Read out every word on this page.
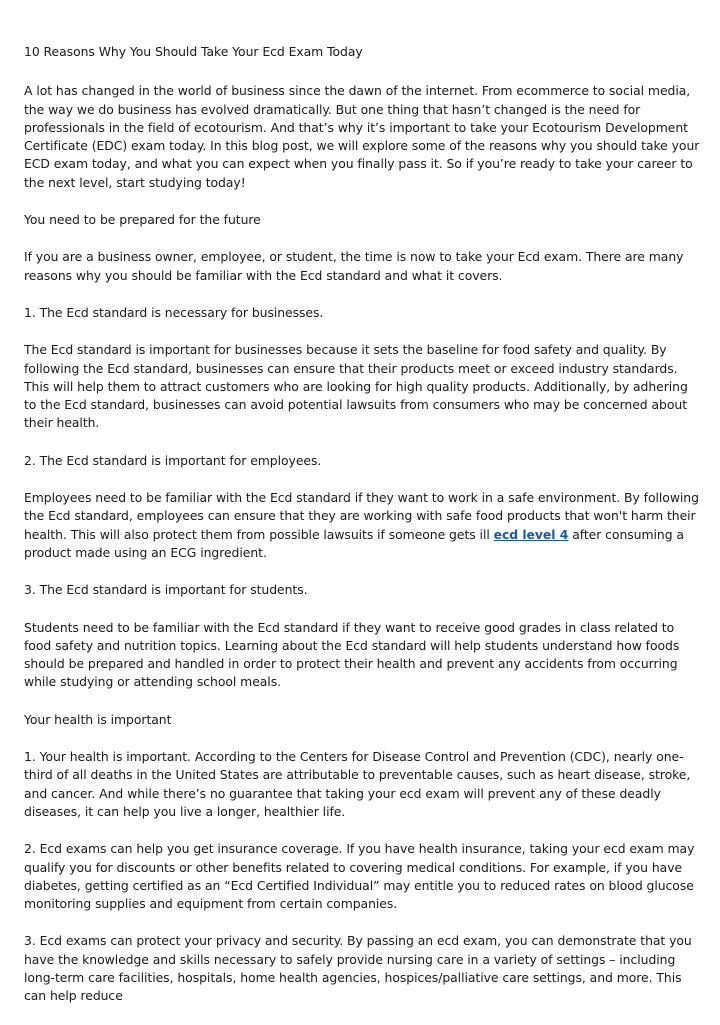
10 Reasons Why You Should Take Your Ecd Exam Today

A lot has changed in the world of business since the dawn of the internet. From ecommerce to social media, the way we do business has evolved dramatically. But one thing that hasn’t changed is the need for professionals in the field of ecotourism. And that’s why it’s important to take your Ecotourism Development Certificate (EDC) exam today. In this blog post, we will explore some of the reasons why you should take your ECD exam today, and what you can expect when you finally pass it. So if you’re ready to take your career to the next level, start studying today!

You need to be prepared for the future

If you are a business owner, employee, or student, the time is now to take your Ecd exam. There are many reasons why you should be familiar with the Ecd standard and what it covers.

1. The Ecd standard is necessary for businesses.

The Ecd standard is important for businesses because it sets the baseline for food safety and quality. By following the Ecd standard, businesses can ensure that their products meet or exceed industry standards. This will help them to attract customers who are looking for high quality products. Additionally, by adhering to the Ecd standard, businesses can avoid potential lawsuits from consumers who may be concerned about their health.

2. The Ecd standard is important for employees.

Employees need to be familiar with the Ecd standard if they want to work in a safe environment. By following the Ecd standard, employees can ensure that they are working with safe food products that won't harm their health. This will also protect them from possible lawsuits if someone gets ill ecd level 4 after consuming a product made using an ECG ingredient.

3. The Ecd standard is important for students.

Students need to be familiar with the Ecd standard if they want to receive good grades in class related to food safety and nutrition topics. Learning about the Ecd standard will help students understand how foods should be prepared and handled in order to protect their health and prevent any accidents from occurring while studying or attending school meals.

Your health is important

1. Your health is important. According to the Centers for Disease Control and Prevention (CDC), nearly one-third of all deaths in the United States are attributable to preventable causes, such as heart disease, stroke, and cancer. And while there’s no guarantee that taking your ecd exam will prevent any of these deadly diseases, it can help you live a longer, healthier life.

2. Ecd exams can help you get insurance coverage. If you have health insurance, taking your ecd exam may qualify you for discounts or other benefits related to covering medical conditions. For example, if you have diabetes, getting certified as an “Ecd Certified Individual” may entitle you to reduced rates on blood glucose monitoring supplies and equipment from certain companies.

3. Ecd exams can protect your privacy and security. By passing an ecd exam, you can demonstrate that you have the knowledge and skills necessary to safely provide nursing care in a variety of settings – including long-term care facilities, hospitals, home health agencies, hospices/palliative care settings, and more. This can help reduce
